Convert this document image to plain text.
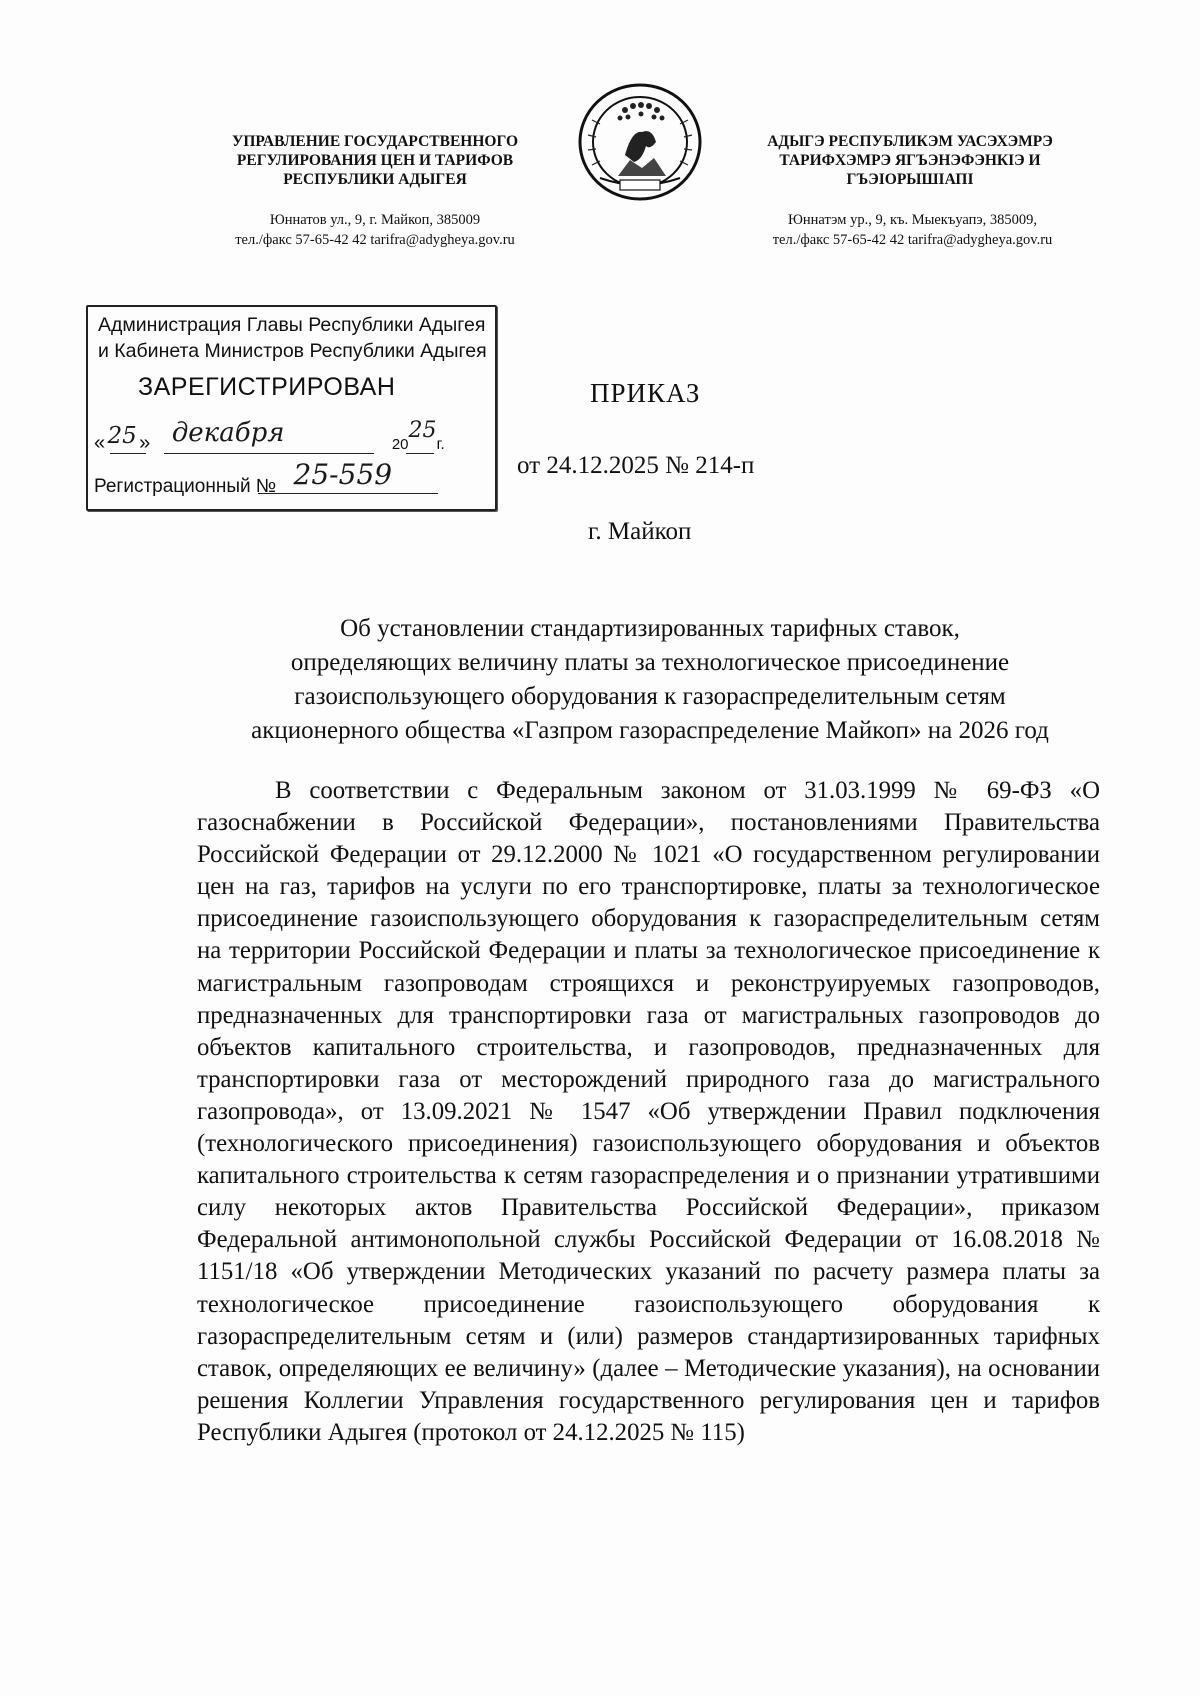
УПРАВЛЕНИЕ ГОСУДАРСТВЕННОГО
РЕГУЛИРОВАНИЯ ЦЕН И ТАРИФОВ
РЕСПУБЛИКИ АДЫГЕЯ
Юннатов ул., 9, г. Майкоп, 385009
тел./факс 57-65-42 42 tarifra@adygheya.gov.ru
АДЫГЭ РЕСПУБЛИКЭМ УАСЭХЭМРЭ
ТАРИФХЭМРЭ ЯГЪЭНЭФЭНКIЭ И
ГЪЭIОРЫШIАПI
Юннатэм ур., 9, къ. Мыекъуапэ, 385009,
тел./факс 57-65-42 42 tarifra@adygheya.gov.ru
Администрация Главы Республики Адыгея
и Кабинета Министров Республики Адыгея
ЗАРЕГИСТРИРОВАН
« 25 » декабря	2025г.
Регистрационный № 25-559
ПРИКАЗ
от 24.12.2025 № 214-п
г. Майкоп
Об установлении стандартизированных тарифных ставок,
определяющих величину платы за технологическое присоединение
газоиспользующего оборудования к газораспределительным сетям
акционерного общества «Газпром газораспределение Майкоп» на 2026 год
В соответствии с Федеральным законом от 31.03.1999 № 69-ФЗ «О газоснабжении в Российской Федерации», постановлениями Правительства Российской Федерации от 29.12.2000 № 1021 «О государственном регулировании цен на газ, тарифов на услуги по его транспортировке, платы за технологическое присоединение газоиспользующего оборудования к газораспределительным сетям на территории Российской Федерации и платы за технологическое присоединение к магистральным газопроводам строящихся и реконструируемых газопроводов, предназначенных для транспортировки газа от магистральных газопроводов до объектов капитального строительства, и газопроводов, предназначенных для транспортировки газа от месторождений природного газа до магистрального газопровода», от 13.09.2021 № 1547 «Об утверждении Правил подключения (технологического присоединения) газоиспользующего оборудования и объектов капитального строительства к сетям газораспределения и о признании утратившими силу некоторых актов Правительства Российской Федерации», приказом Федеральной антимонопольной службы Российской Федерации от 16.08.2018 № 1151/18 «Об утверждении Методических указаний по расчету размера платы за технологическое присоединение газоиспользующего оборудования к газораспределительным сетям и (или) размеров стандартизированных тарифных ставок, определяющих ее величину» (далее – Методические указания), на основании решения Коллегии Управления государственного регулирования цен и тарифов Республики Адыгея (протокол от 24.12.2025 № 115)
